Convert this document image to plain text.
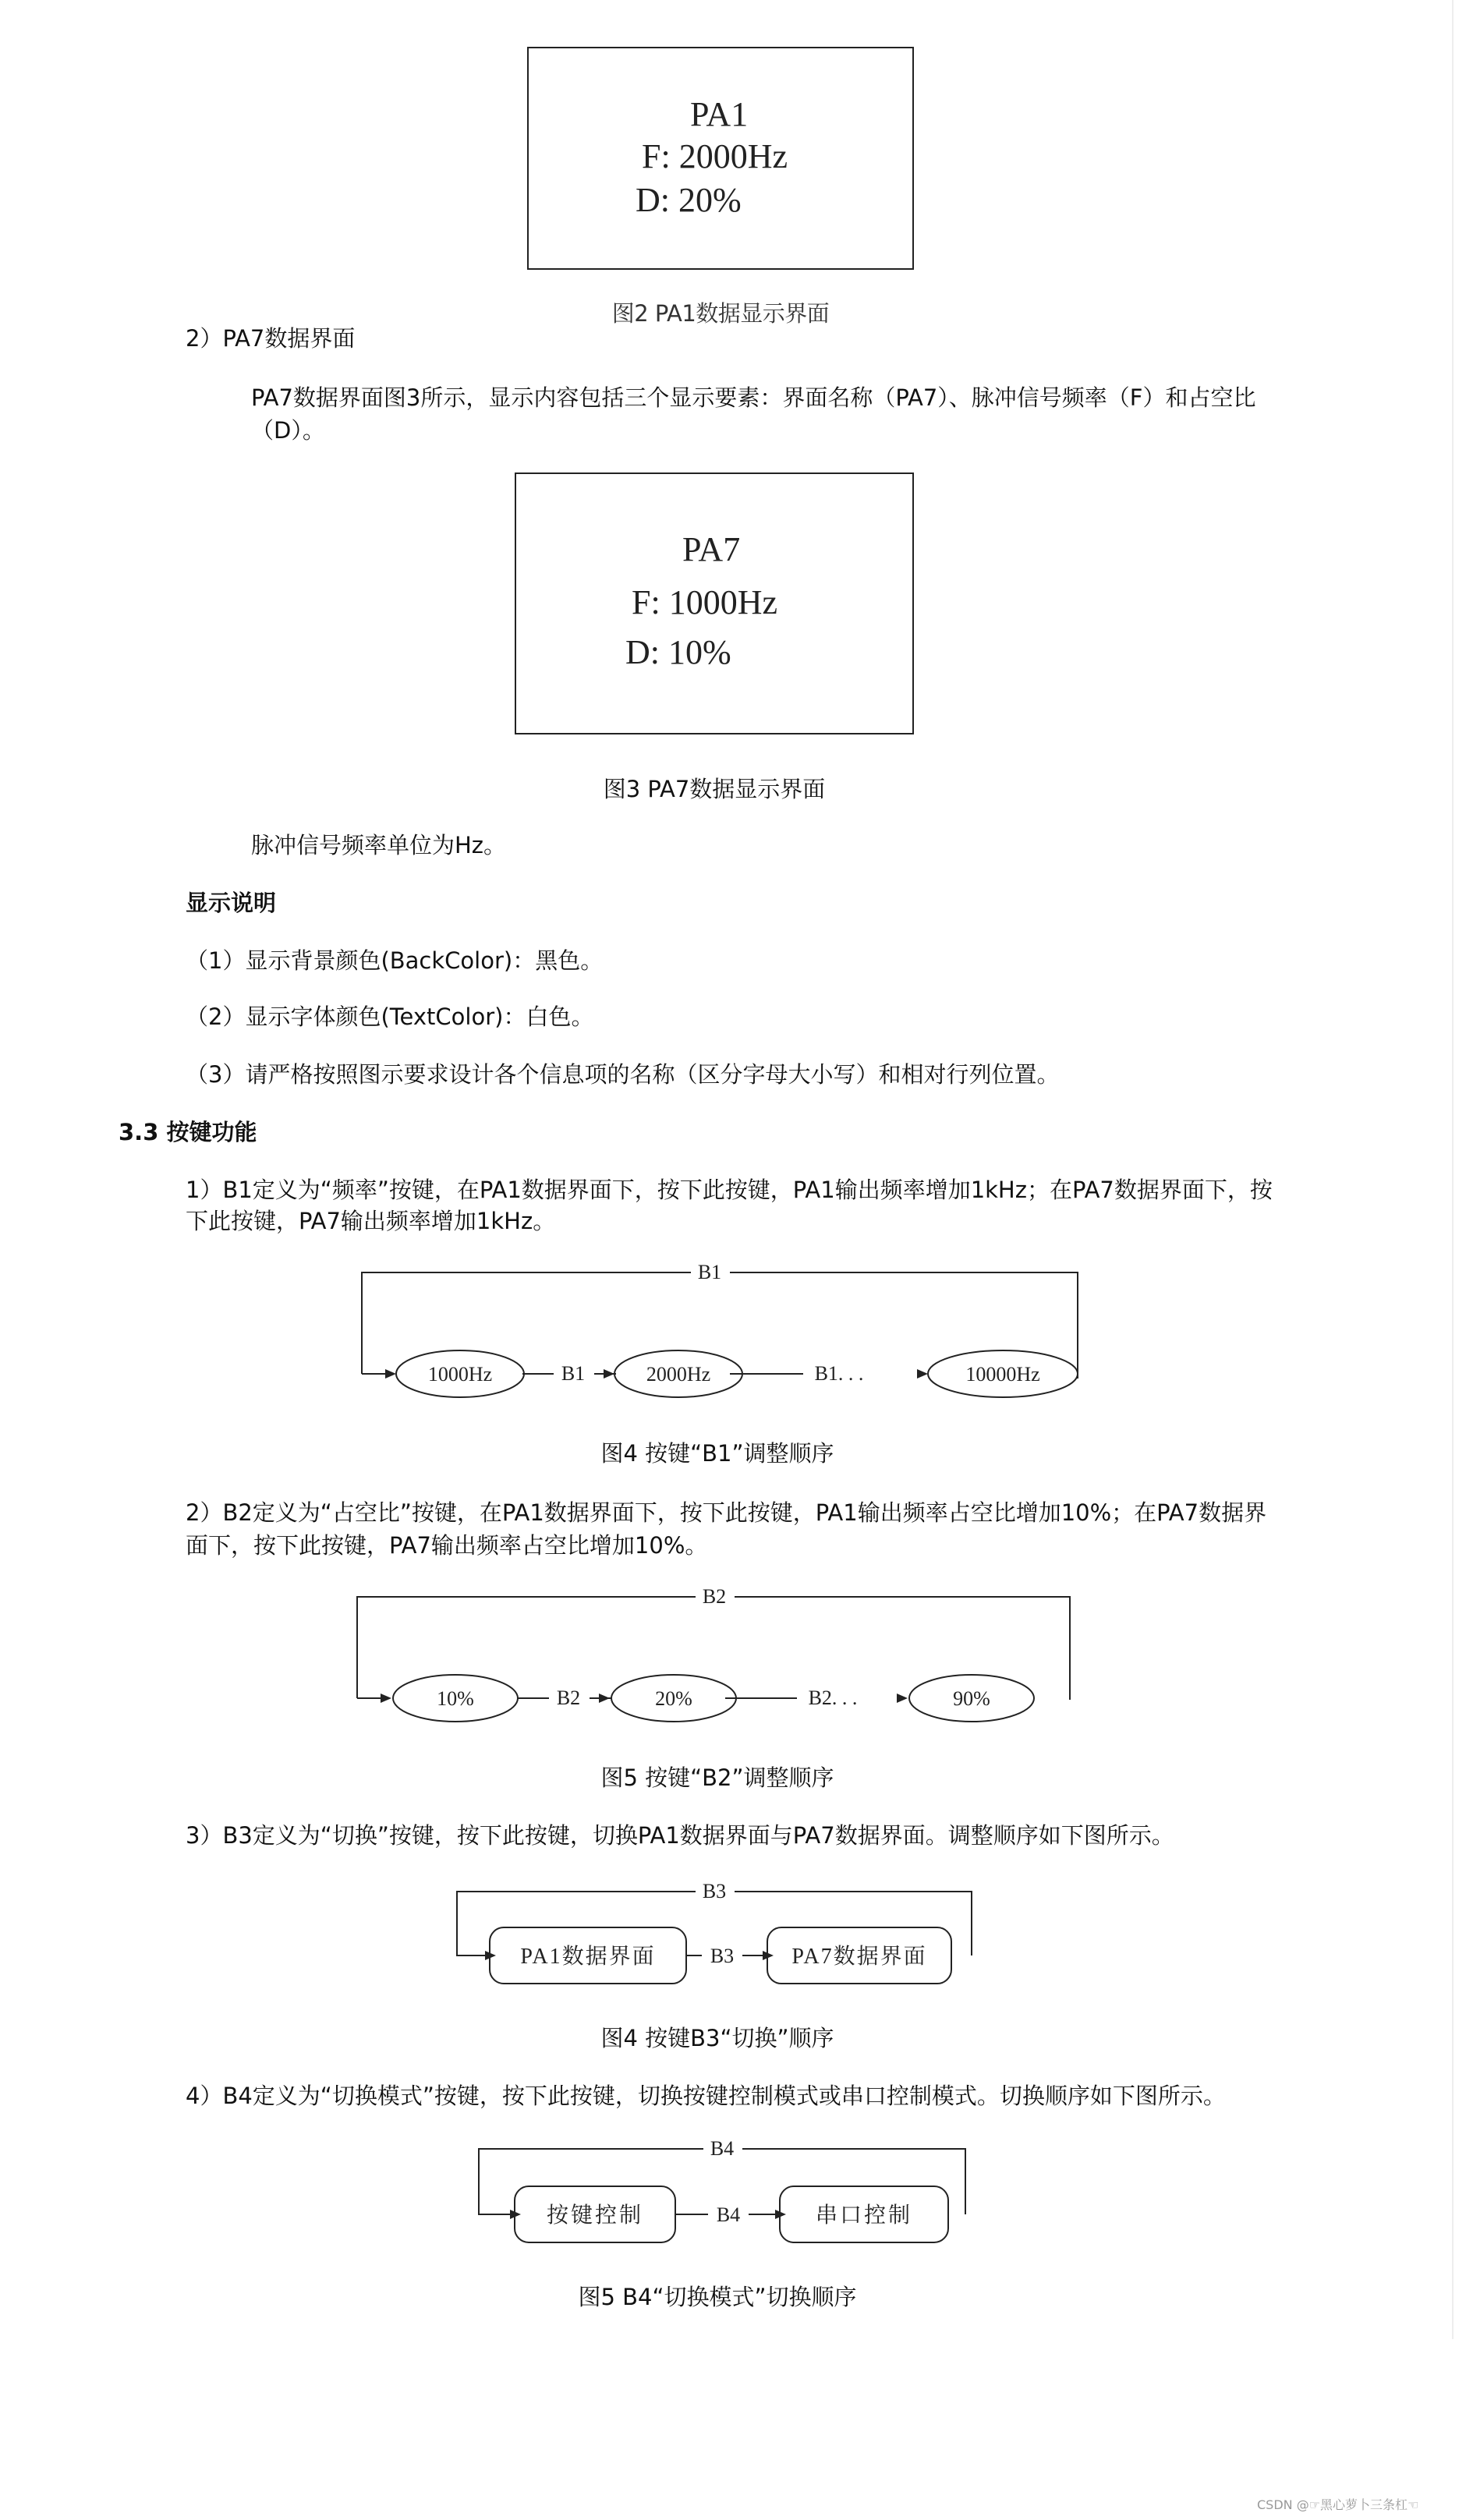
PA1
F: 2000Hz
D: 20%
图2 PA1数据显示界面
2）PA7数据界面
PA7数据界面图3所示，显示内容包括三个显示要素：界面名称（PA7）、脉冲信号频率（F）和占空比
（D）。
PA7
F: 1000Hz
D: 10%
图3 PA7数据显示界面
脉冲信号频率单位为Hz。
显示说明
（1）显示背景颜色(BackColor)：黑色。
（2）显示字体颜色(TextColor)：白色。
（3）请严格按照图示要求设计各个信息项的名称（区分字母大小写）和相对行列位置。
3.3 按键功能
1）B1定义为“频率”按键，在PA1数据界面下，按下此按键，PA1输出频率增加1kHz；在PA7数据界面下，按
下此按键，PA7输出频率增加1kHz。
B1
B1	B1. . .
1000Hz	2000Hz	10000Hz
图4 按键“B1”调整顺序
2）B2定义为“占空比”按键，在PA1数据界面下，按下此按键，PA1输出频率占空比增加10%；在PA7数据界
面下，按下此按键，PA7输出频率占空比增加10%。
B2
B2	B2. . .
10%	20%	90%
图5 按键“B2”调整顺序
3）B3定义为“切换”按键，按下此按键，切换PA1数据界面与PA7数据界面。调整顺序如下图所示。
B3
B3
PA1数据界面	PA7数据界面
图4 按键B3“切换”顺序
4）B4定义为“切换模式”按键，按下此按键，切换按键控制模式或串口控制模式。切换顺序如下图所示。
B4
B4
按键控制	串口控制
图5 B4“切换模式”切换顺序
CSDN @☞黑心萝卜三条杠☜
